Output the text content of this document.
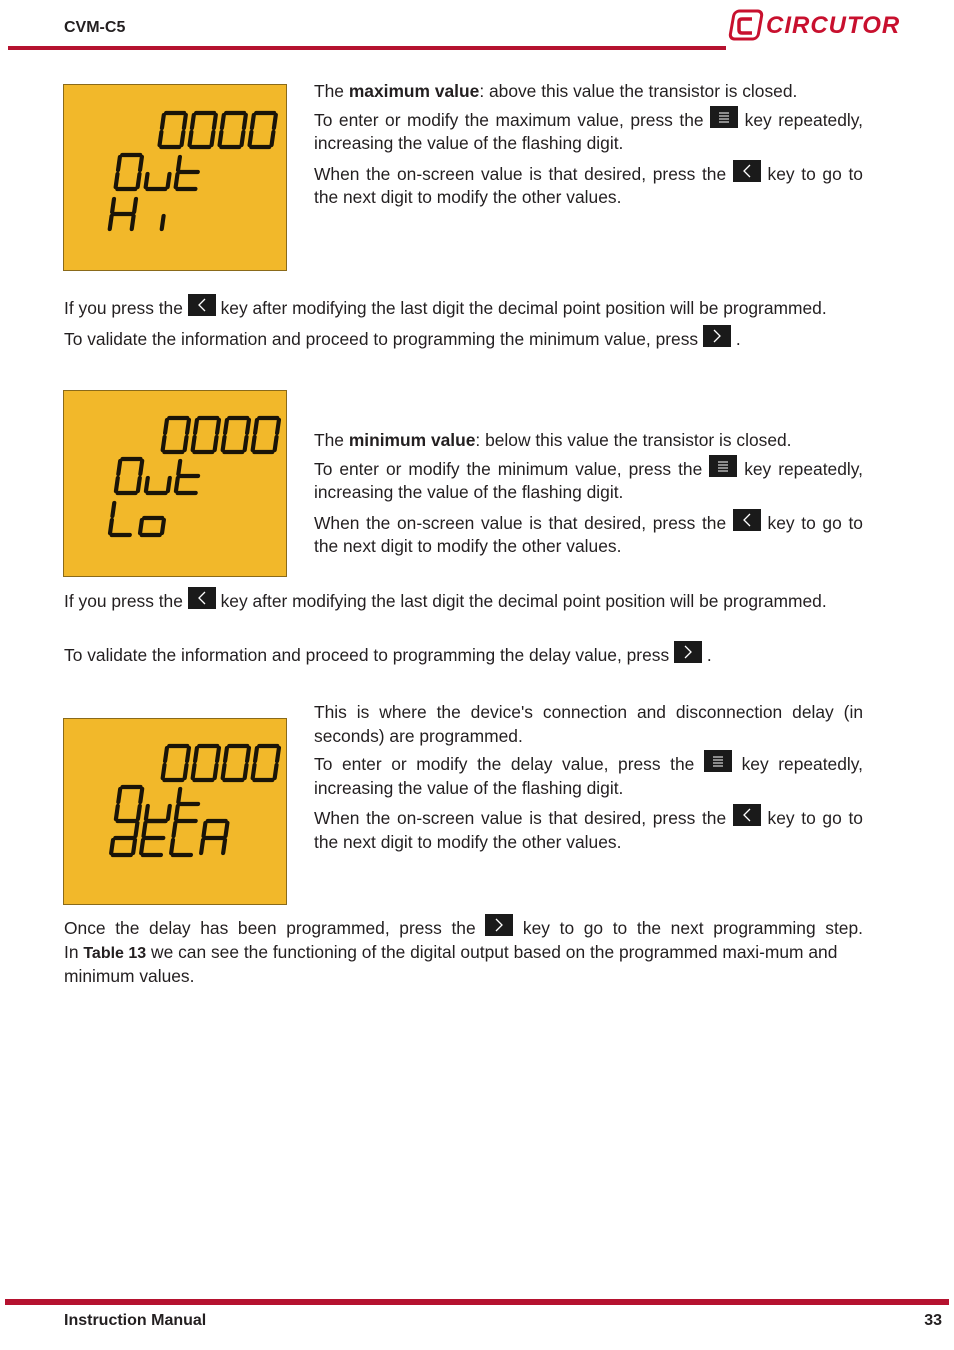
CVM-C5	CIRCUTOR

The maximum value: above this value the transistor is closed.

To enter or modify the maximum value, press the key repeatedly, increasing the value of the flashing digit.

When the on-screen value is that desired, press the key to go to the next digit to modify the other values.

If you press the key after modifying the last digit the decimal point position will be programmed.

To validate the information and proceed to programming the minimum value, press .

The minimum value: below this value the transistor is closed.

To enter or modify the minimum value, press the key repeatedly, increasing the value of the flashing digit.

When the on-screen value is that desired, press the key to go to the next digit to modify the other values.

If you press the key after modifying the last digit the decimal point position will be programmed.

To validate the information and proceed to programming the delay value, press .

This is where the device's connection and disconnection delay (in seconds) are programmed.

To enter or modify the delay value, press the	key repeatedly, increasing the value of the flashing digit.

When the on-screen value is that desired, press the key to go to the next digit to modify the other values.

Once the delay has been programmed, press the	key to go to the next programming step.

In Table 13 we can see the functioning of the digital output based on the programmed maxi-mum and minimum values.

Instruction Manual	33
